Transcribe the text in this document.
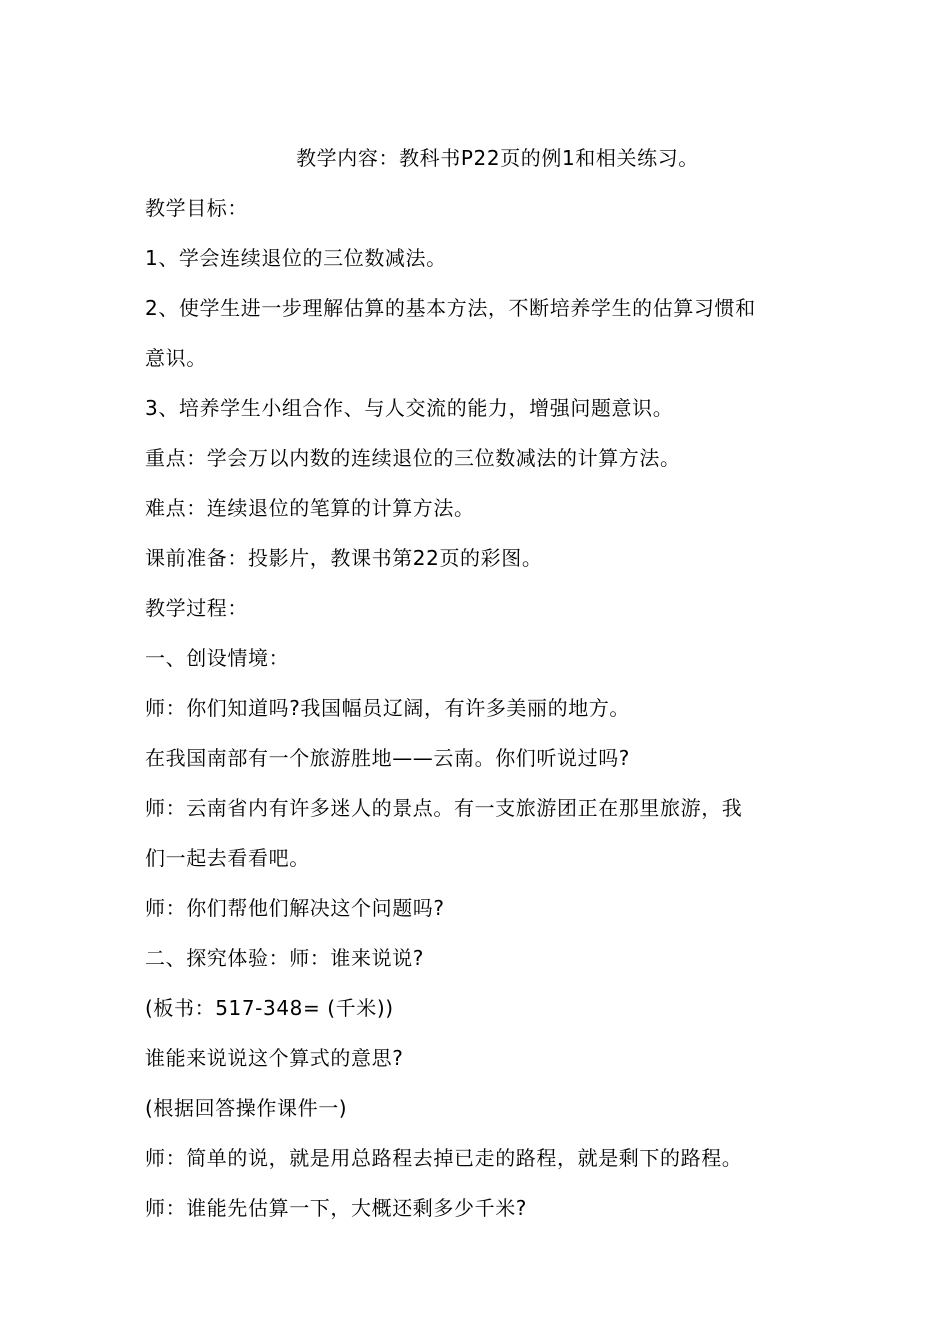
教学内容：教科书P22页的例1和相关练习。
教学目标：
1、学会连续退位的三位数减法。
2、使学生进一步理解估算的基本方法，不断培养学生的估算习惯和
意识。
3、培养学生小组合作、与人交流的能力，增强问题意识。
重点：学会万以内数的连续退位的三位数减法的计算方法。
难点：连续退位的笔算的计算方法。
课前准备：投影片，教课书第22页的彩图。
教学过程：
一、创设情境：
师：你们知道吗?我国幅员辽阔，有许多美丽的地方。
在我国南部有一个旅游胜地——云南。你们听说过吗?
师：云南省内有许多迷人的景点。有一支旅游团正在那里旅游，我
们一起去看看吧。
师：你们帮他们解决这个问题吗?
二、探究体验：师：谁来说说?
(板书：517-348= (千米))
谁能来说说这个算式的意思?
(根据回答操作课件一)
师：简单的说，就是用总路程去掉已走的路程，就是剩下的路程。
师：谁能先估算一下，大概还剩多少千米?
